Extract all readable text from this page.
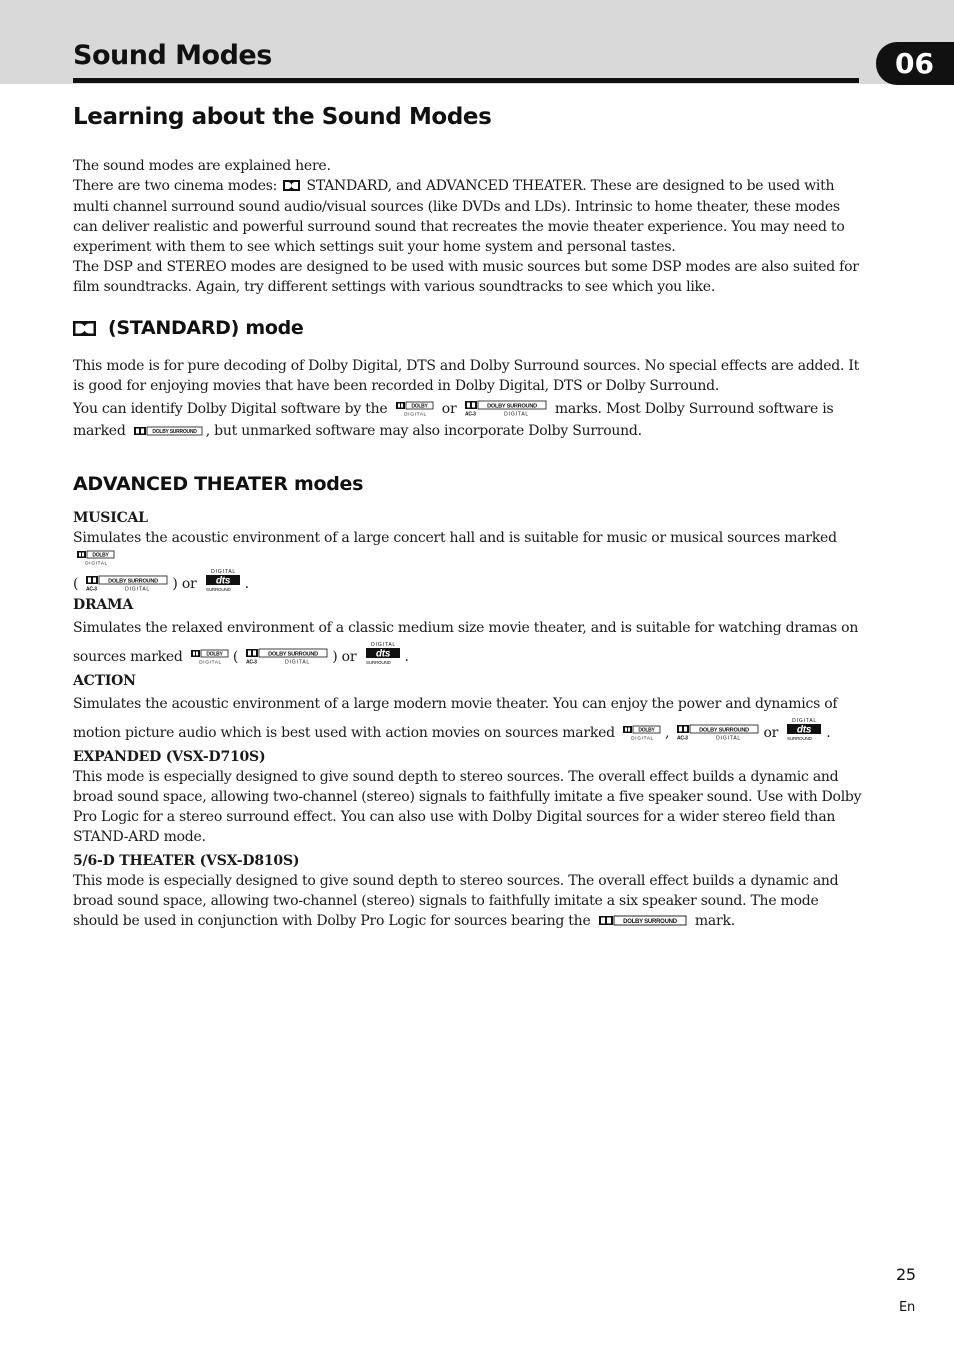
Sound Modes	06
Learning about the Sound Modes

The sound modes are explained here.

There are two cinema modes: STANDARD, and ADVANCED THEATER. These are designed to be used with multi channel surround sound audio/visual sources (like DVDs and LDs). Intrinsic to home theater, these modes can deliver realistic and powerful surround sound that recreates the movie theater experience. You may need to experiment with them to see which settings suit your home system and personal tastes.

The DSP and STEREO modes are designed to be used with music sources but some DSP modes are also suited for film soundtracks. Again, try different settings with various soundtracks to see which you like.

(STANDARD) mode

This mode is for pure decoding of Dolby Digital, DTS and Dolby Surround sources. No special effects are added. It is good for enjoying movies that have been recorded in Dolby Digital, DTS or Dolby Surround.

You can identify Dolby Digital software by the	DOLBY
D I G I T A L or	DOLBY SURROUND
AC-3	D I G I T A L marks. Most Dolby Surround software is marked	DOLBY SURROUND , but unmarked software may also incorporate Dolby Surround.

ADVANCED THEATER modes
MUSICAL

Simulates the acoustic environment of a large concert hall and is suitable for music or musical sources marked
DOLBY
D I G I T A L

(	DOLBY SURROUND
AC-3	D I G I T A L ) or
D I G I T A L
dts
SURROUND .

DRAMA

Simulates the relaxed environment of a classic medium size movie theater, and is suitable for watching dramas on sources marked	DOLBY
D I G I T A L (	DOLBY SURROUND
AC-3	D I G I T A L ) or
D I G I T A L
dts
SURROUND .

ACTION

Simulates the acoustic environment of a large modern movie theater. You can enjoy the power and dynamics of motion picture audio which is best used with action movies on sources marked	DOLBY
D I G I T A L ,	DOLBY SURROUND
AC-3	D I G I T A L or
D I G I T A L
dts
SURROUND .

EXPANDED (VSX-D710S)

This mode is especially designed to give sound depth to stereo sources. The overall effect builds a dynamic and broad sound space, allowing two-channel (stereo) signals to faithfully imitate a five speaker sound. Use with Dolby Pro Logic for a stereo surround effect. You can also use with Dolby Digital sources for a wider stereo field than STAND-ARD mode.

5/6-D THEATER (VSX-D810S)

This mode is especially designed to give sound depth to stereo sources. The overall effect builds a dynamic and broad sound space, allowing two-channel (stereo) signals to faithfully imitate a six speaker sound. The mode should be used in conjunction with Dolby Pro Logic for sources bearing the	DOLBY SURROUND mark.

25

En
